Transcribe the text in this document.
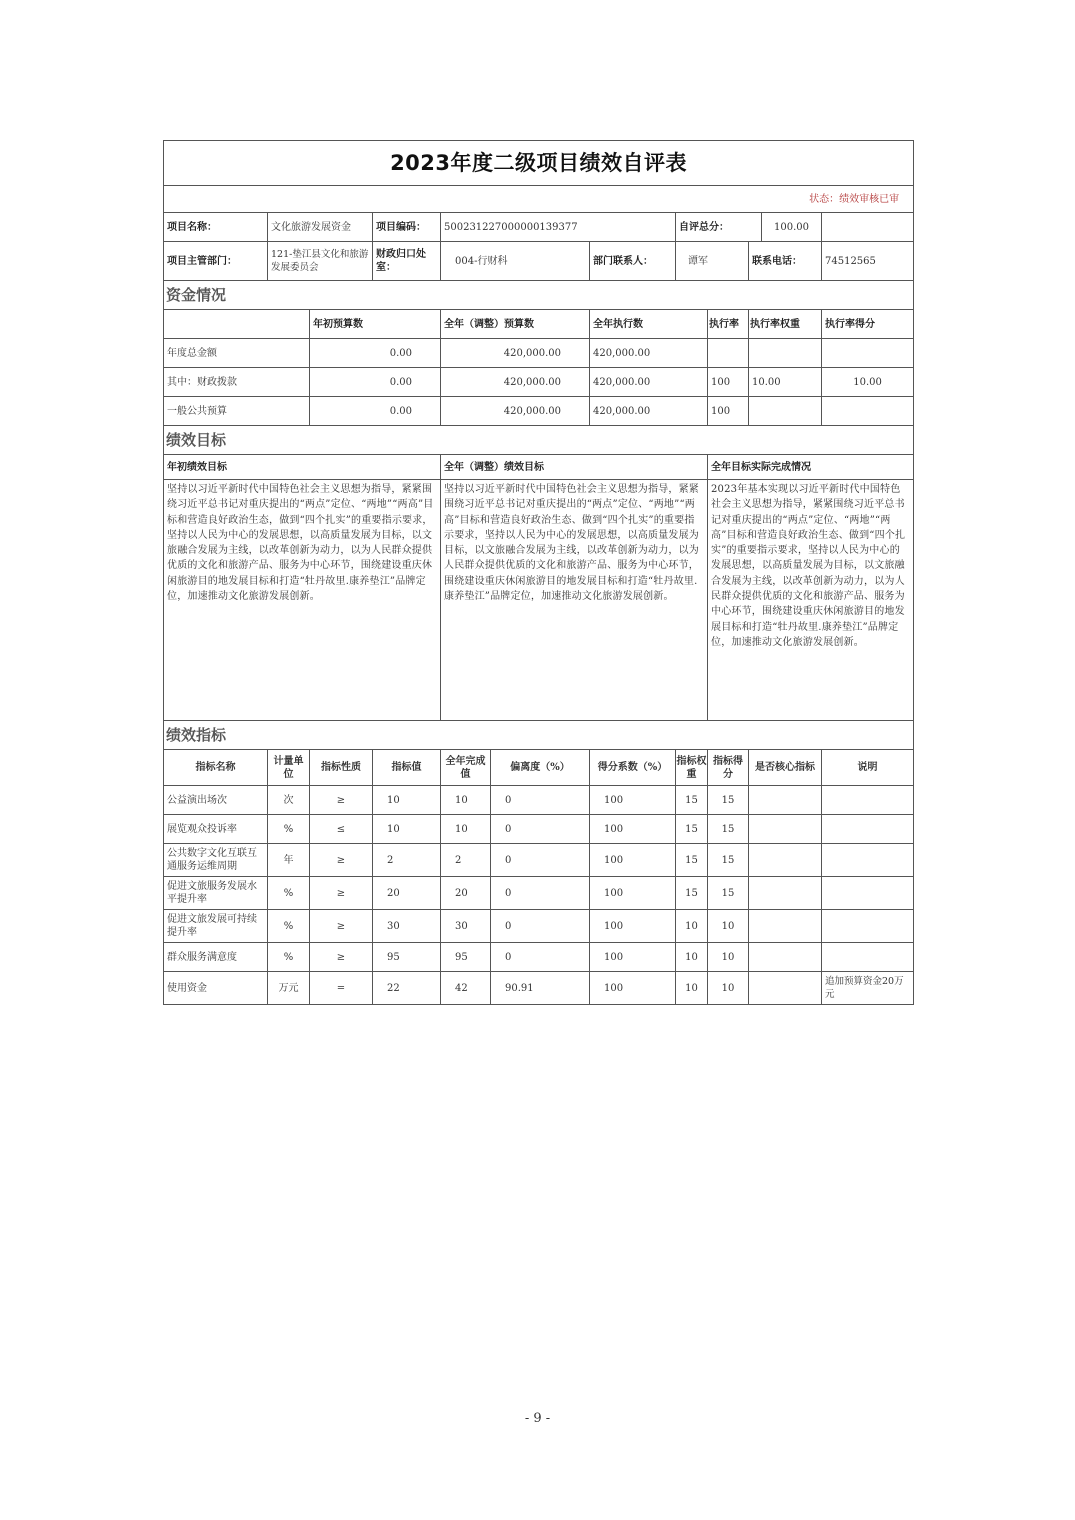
2023年度二级项目绩效自评表
状态：绩效审核已审
项目名称：	文化旅游发展资金	项目编码：	500231227000000139377		自评总分：	100.00

项目主管部门：	121-垫江县文化和旅游发展委员会	财政归口处室：	004-行财科	部门联系人：	谭军	联系电话：	74512565
资金情况
	年初预算数	全年（调整）预算数	全年执行数	执行率	执行率权重	执行率得分
年度总金额	0.00	420,000.00	420,000.00			
其中：财政拨款	0.00	420,000.00	420,000.00	100	10.00	10.00
一般公共预算	0.00	420,000.00	420,000.00	100		
绩效目标
年初绩效目标	全年（调整）绩效目标	全年目标实际完成情况
坚持以习近平新时代中国特色社会主义思想为指导，紧紧围绕习近平总书记对重庆提出的“两点”定位、“两地”“两高”目标和营造良好政治生态，做到“四个扎实”的重要指示要求，坚持以人民为中心的发展思想，以高质量发展为目标，以文旅融合发展为主线，以改革创新为动力，以为人民群众提供优质的文化和旅游产品、服务为中心环节，围绕建设重庆休闲旅游目的地发展目标和打造“牡丹故里.康养垫江”品牌定位，加速推动文化旅游发展创新。	坚持以习近平新时代中国特色社会主义思想为指导，紧紧围绕习近平总书记对重庆提出的“两点”定位、“两地”“两高”目标和营造良好政治生态、做到“四个扎实”的重要指示要求，坚持以人民为中心的发展思想，以高质量发展为目标，以文旅融合发展为主线，以改革创新为动力，以为人民群众提供优质的文化和旅游产品、服务为中心环节，围绕建设重庆休闲旅游目的地发展目标和打造“牡丹故里.康养垫江”品牌定位，加速推动文化旅游发展创新。	2023年基本实现以习近平新时代中国特色社会主义思想为指导，紧紧围绕习近平总书记对重庆提出的“两点”定位、“两地”“两高”目标和营造良好政治生态、做到“四个扎实”的重要指示要求，坚持以人民为中心的发展思想，以高质量发展为目标，以文旅融合发展为主线，以改革创新为动力，以为人民群众提供优质的文化和旅游产品、服务为中心环节，围绕建设重庆休闲旅游目的地发展目标和打造“牡丹故里.康养垫江”品牌定位，加速推动文化旅游发展创新。
绩效指标
指标名称	计量单位	指标性质	指标值	全年完成值	偏离度（%）	得分系数（%）	指标权重	指标得分	是否核心指标	说明
公益演出场次	次	≥	10	10	0	100	15	15		
展览观众投诉率	%	≤	10	10	0	100	15	15		
公共数字文化互联互通服务运维周期	年	≥	2	2	0	100	15	15		
促进文旅服务发展水平提升率	%	≥	20	20	0	100	15	15		
促进文旅发展可持续提升率	%	≥	30	30	0	100	10	10		
群众服务满意度	%	≥	95	95	0	100	10	10		
使用资金	万元	=	22	42	90.91	100	10	10		追加预算资金20万元
- 9 -
